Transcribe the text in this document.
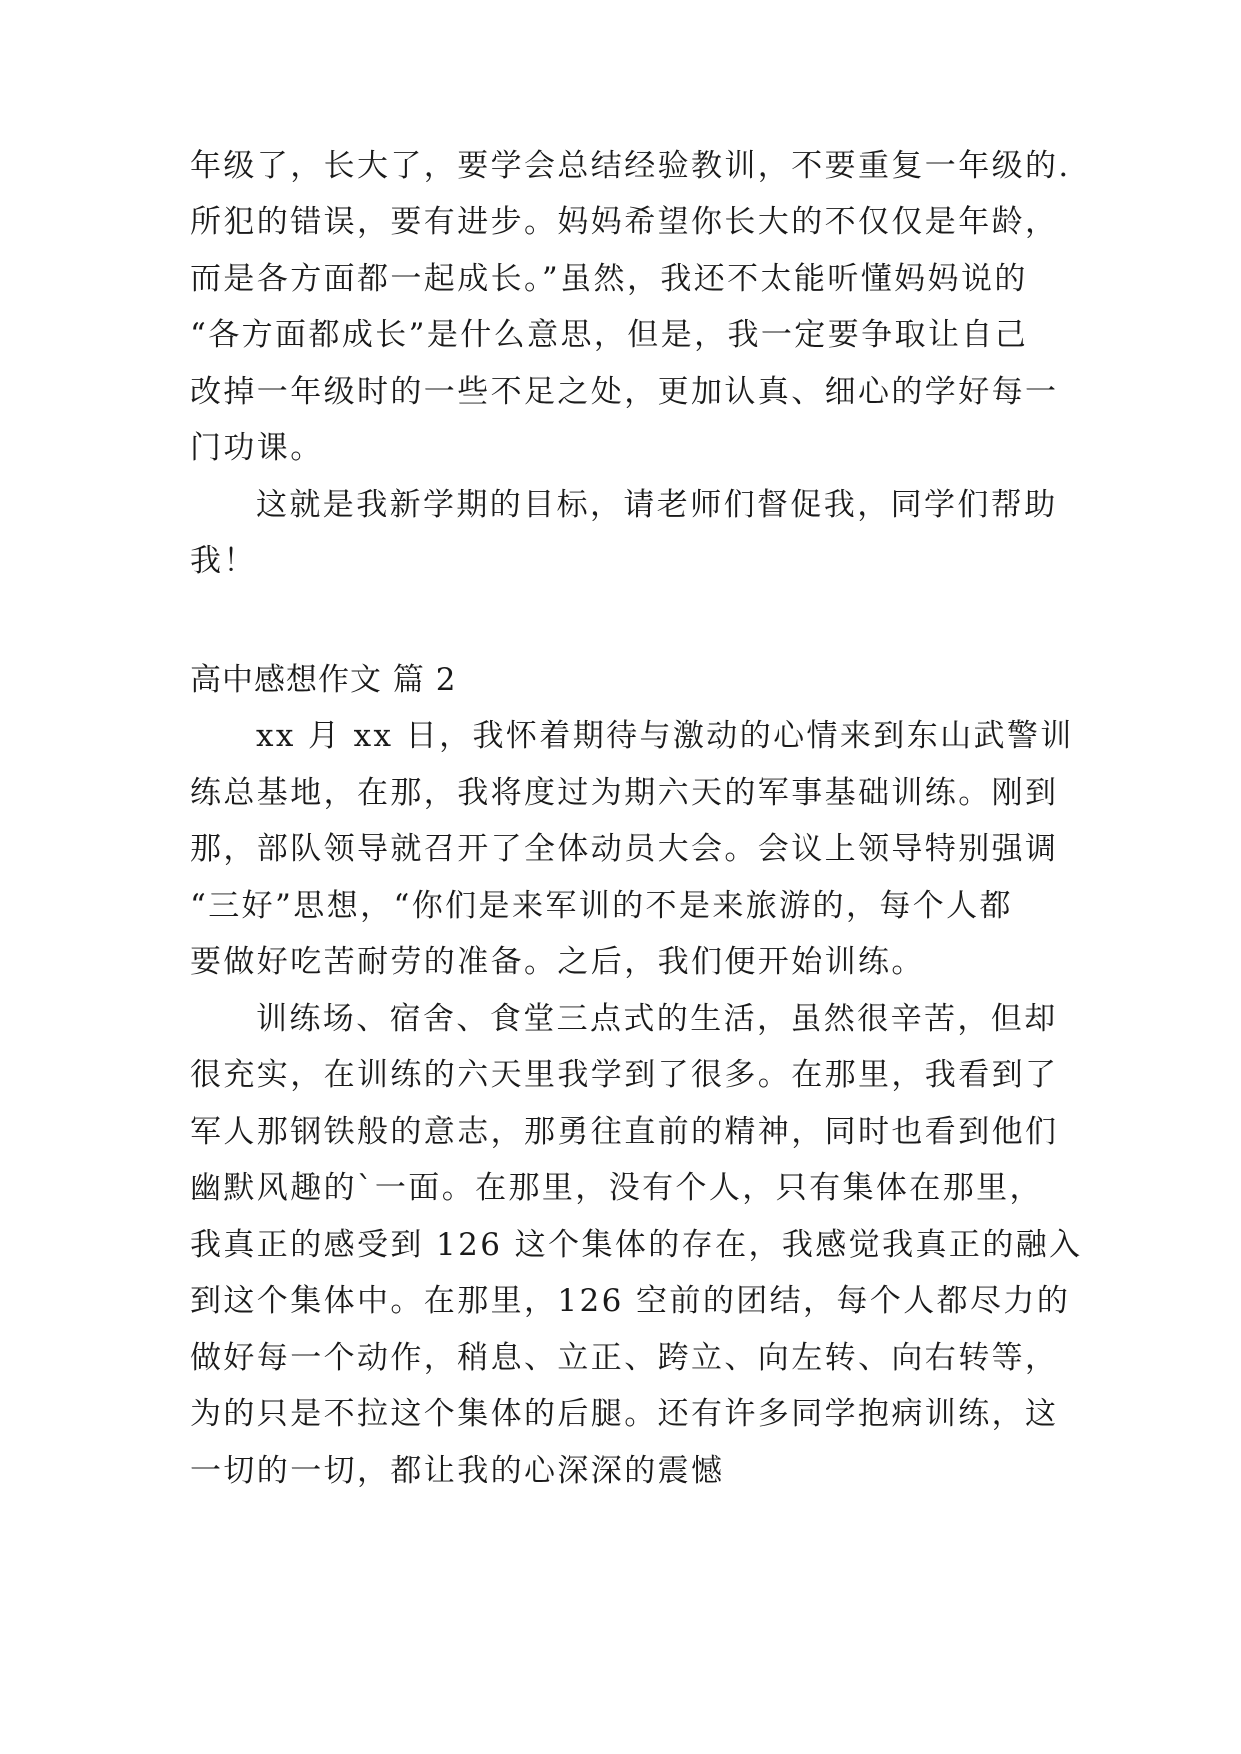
年级了，长大了，要学会总结经验教训，不要重复一年级的.

所犯的错误，要有进步。妈妈希望你长大的不仅仅是年龄，

而是各方面都一起成长。”虽然，我还不太能听懂妈妈说的

“各方面都成长”是什么意思，但是，我一定要争取让自己

改掉一年级时的一些不足之处，更加认真、细心的学好每一

门功课。

这就是我新学期的目标，请老师们督促我，同学们帮助

我！

高中感想作文 篇 2

xx 月 xx 日，我怀着期待与激动的心情来到东山武警训

练总基地，在那，我将度过为期六天的军事基础训练。刚到

那，部队领导就召开了全体动员大会。会议上领导特别强调

“三好”思想，“你们是来军训的不是来旅游的，每个人都

要做好吃苦耐劳的准备。之后，我们便开始训练。

训练场、宿舍、食堂三点式的生活，虽然很辛苦，但却

很充实，在训练的六天里我学到了很多。在那里，我看到了

军人那钢铁般的意志，那勇往直前的精神，同时也看到他们

幽默风趣的`一面。在那里，没有个人，只有集体在那里，

我真正的感受到 126 这个集体的存在，我感觉我真正的融入

到这个集体中。在那里，126 空前的团结，每个人都尽力的

做好每一个动作，稍息、立正、跨立、向左转、向右转等，

为的只是不拉这个集体的后腿。还有许多同学抱病训练，这

一切的一切，都让我的心深深的震憾
